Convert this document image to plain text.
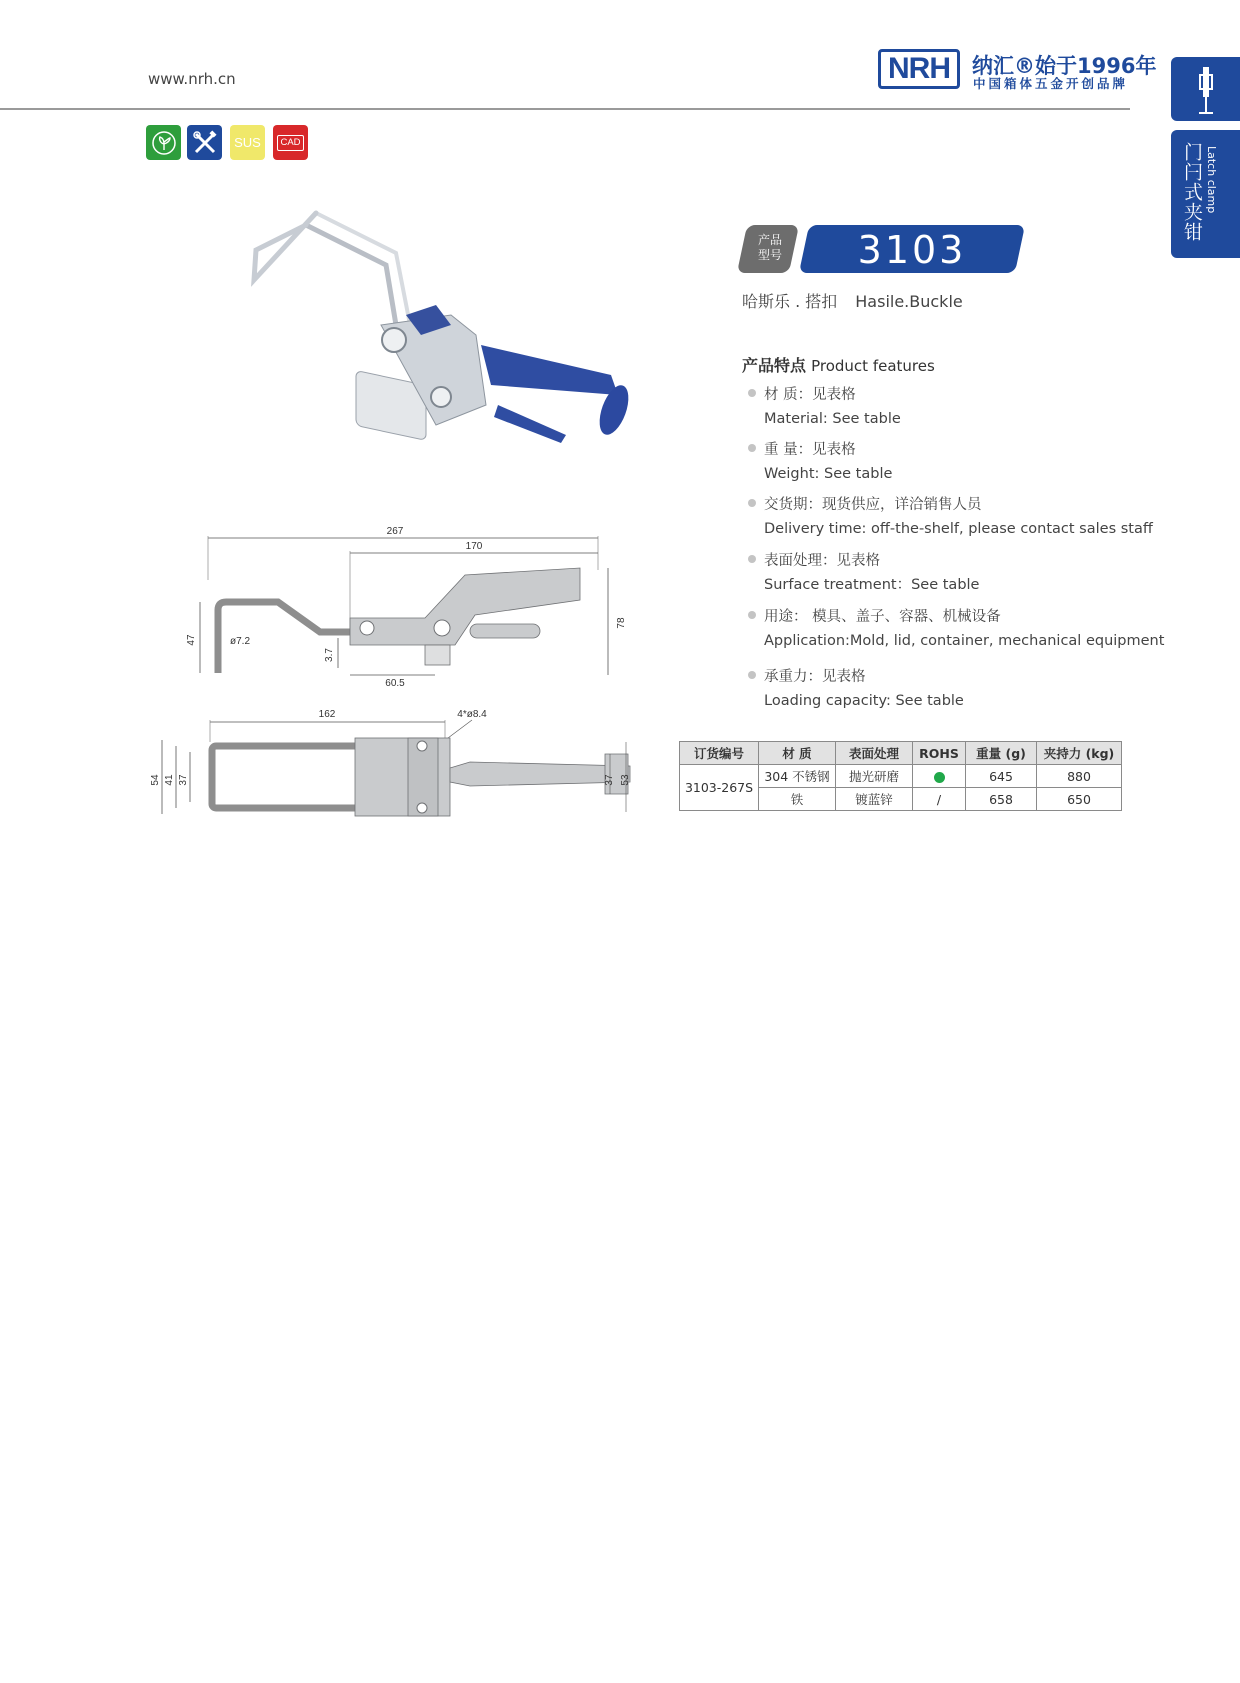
www.nrh.cn	NRH	纳汇®始于1996年
中国箱体五金开创品牌
Latch clamp
门闩式夹钳
SUS	CAD
267
170
47	ø7.2
3.7
60.5
78
162	4*ø8.4
54 41 37	37 53
产品
型号	3103
哈斯乐 . 搭扣 Hasile.Buckle
产品特点 Product features
材 质：见表格
Material: See table
重 量：见表格
Weight: See table
交货期：现货供应，详洽销售人员
Delivery time: off-the-shelf, please contact sales staff
表面处理：见表格
Surface treatment：See table
用途： 模具、盖子、容器、机械设备
Application:Mold, lid, container, mechanical equipment
承重力：见表格
Loading capacity: See table
订货编号	材 质	表面处理	ROHS	重量 (g)	夹持力 (kg)
3103-267S	304 不锈钢	抛光研磨		645	880
	铁	镀蓝锌	/	658	650
